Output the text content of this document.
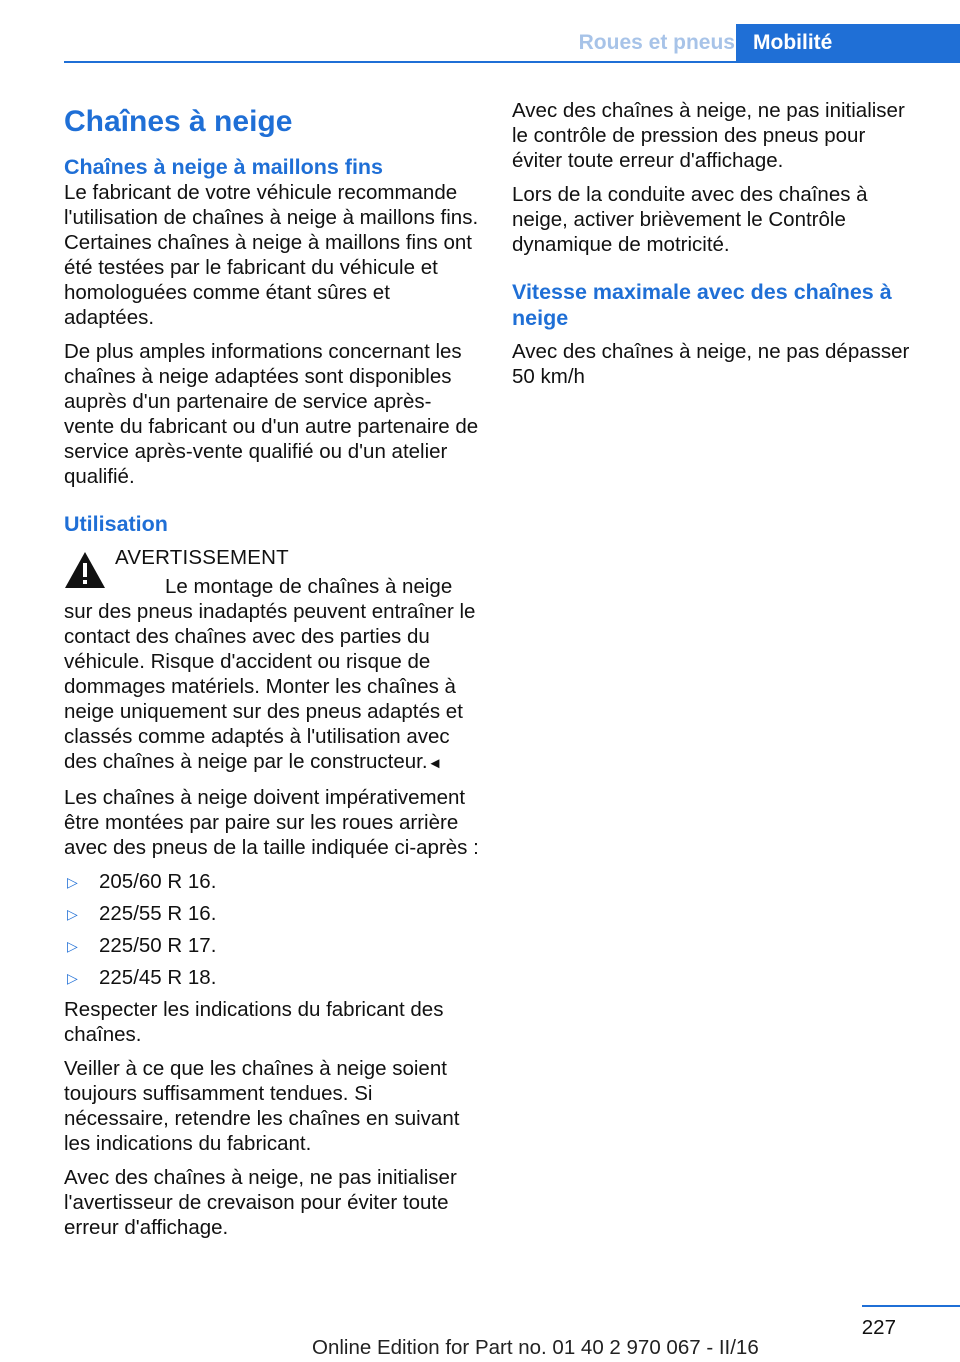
Roues et pneus Mobilité
Chaînes à neige
Chaînes à neige à maillons fins

Le fabricant de votre véhicule recommande l'utilisation de chaînes à neige à maillons fins. Certaines chaînes à neige à maillons fins ont été testées par le fabricant du véhicule et homologuées comme étant sûres et adaptées.

De plus amples informations concernant les chaînes à neige adaptées sont disponibles auprès d'un partenaire de service après-vente du fabricant ou d'un autre partenaire de service après-vente qualifié ou d'un atelier qualifié.

Utilisation
AVERTISSEMENT
Le montage de chaînes à neige sur des pneus inadaptés peuvent entraîner le contact des chaînes avec des parties du véhicule. Risque d'accident ou risque de dommages matériels. Monter les chaînes à neige uniquement sur des pneus adaptés et classés comme adaptés à l'utilisation avec des chaînes à neige par le constructeur.◄

Les chaînes à neige doivent impérativement être montées par paire sur les roues arrière avec des pneus de la taille indiquée ci-après :

▷ 205/60 R 16.
▷ 225/55 R 16.
▷ 225/50 R 17.
▷ 225/45 R 18.

Respecter les indications du fabricant des chaînes.

Veiller à ce que les chaînes à neige soient toujours suffisamment tendues. Si nécessaire, retendre les chaînes en suivant les indications du fabricant.

Avec des chaînes à neige, ne pas initialiser l'avertisseur de crevaison pour éviter toute erreur d'affichage.

Avec des chaînes à neige, ne pas initialiser le contrôle de pression des pneus pour éviter toute erreur d'affichage.

Lors de la conduite avec des chaînes à neige, activer brièvement le Contrôle dynamique de motricité.

Vitesse maximale avec des chaînes à neige

Avec des chaînes à neige, ne pas dépasser 50 km/h

227
Online Edition for Part no. 01 40 2 970 067 - II/16
